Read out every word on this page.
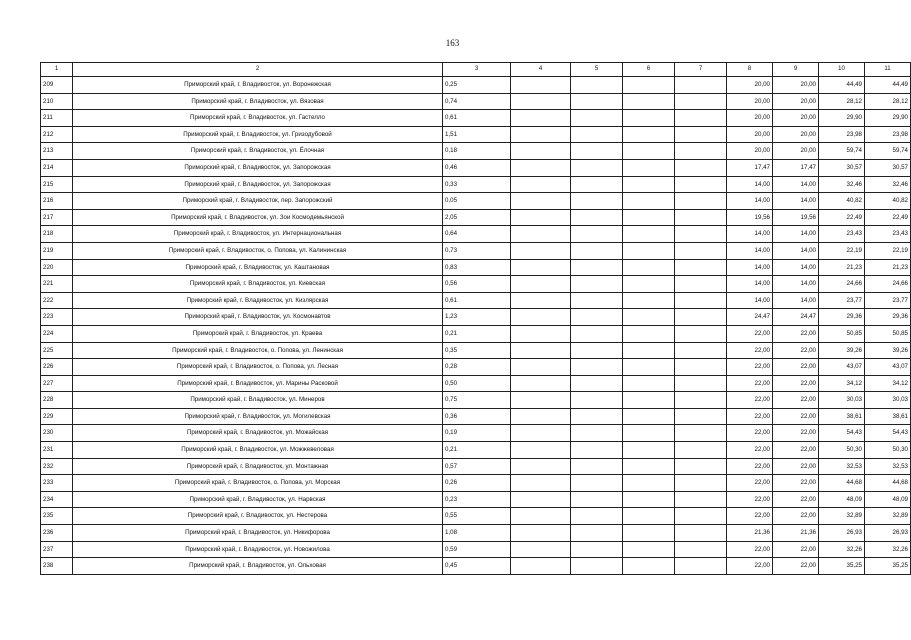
163
1	2	3	4	5	6	7	8	9	10	11
209	Приморский край, г. Владивосток, ул. Воронежская	0,25					20,00	20,00	44,49	44,49
210	Приморский край, г. Владивосток, ул. Вязовая	0,74					20,00	20,00	28,12	28,12
211	Приморский край, г. Владивосток, ул. Гастелло	0,61					20,00	20,00	29,90	29,90
212	Приморский край, г. Владивосток, ул. Гризодубовой	1,51					20,00	20,00	23,98	23,98
213	Приморский край, г. Владивосток, ул. Ёлочная	0,18					20,00	20,00	59,74	59,74
214	Приморский край, г. Владивосток, ул. Запорожская	0,46					17,47	17,47	30,57	30,57
215	Приморский край, г. Владивосток, ул. Запорожская	0,33					14,00	14,00	32,46	32,46
216	Приморский край, г. Владивосток, пер. Запорожский	0,05					14,00	14,00	40,82	40,82
217	Приморский край, г. Владивосток, ул. Зои Космодемьянской	2,05					19,56	19,56	22,49	22,49
218	Приморский край, г. Владивосток, ул. Интернациональная	0,64					14,00	14,00	23,43	23,43
219	Приморский край, г. Владивосток, о. Попова, ул. Калининская	0,73					14,00	14,00	22,19	22,19
220	Приморский край, г. Владивосток, ул. Каштановая	0,83					14,00	14,00	21,23	21,23
221	Приморский край, г. Владивосток, ул. Киевская	0,56					14,00	14,00	24,66	24,66
222	Приморский край, г. Владивосток, ул. Кизлярская	0,61					14,00	14,00	23,77	23,77
223	Приморский край, г. Владивосток, ул. Космонавтов	1,23					24,47	24,47	29,36	29,36
224	Приморский край, г. Владивосток, ул. Краева	0,21					22,00	22,00	50,85	50,85
225	Приморский край, г. Владивосток, о. Попова, ул. Ленинская	0,35					22,00	22,00	39,26	39,26
226	Приморский край, г. Владивосток, о. Попова, ул. Лесная	0,28					22,00	22,00	43,07	43,07
227	Приморский край, г. Владивосток, ул. Марины Расковой	0,50					22,00	22,00	34,12	34,12
228	Приморский край, г. Владивосток, ул. Минеров	0,75					22,00	22,00	30,03	30,03
229	Приморский край, г. Владивосток, ул. Могилевская	0,36					22,00	22,00	38,61	38,61
230	Приморский край, г. Владивосток, ул. Можайская	0,19					22,00	22,00	54,43	54,43
231	Приморский край, г. Владивосток, ул. Можжевеловая	0,21					22,00	22,00	50,30	50,30
232	Приморский край, г. Владивосток, ул. Монтажная	0,57					22,00	22,00	32,53	32,53
233	Приморский край, г. Владивосток, о. Попова, ул. Морская	0,26					22,00	22,00	44,68	44,68
234	Приморский край, г. Владивосток, ул. Нарвская	0,23					22,00	22,00	48,09	48,09
235	Приморский край, г. Владивосток, ул. Нестерова	0,55					22,00	22,00	32,89	32,89
236	Приморский край, г. Владивосток, ул. Никифорова	1,08					21,36	21,36	26,93	26,93
237	Приморский край, г. Владивосток, ул. Новожилова	0,59					22,00	22,00	32,26	32,26
238	Приморский край, г. Владивосток, ул. Ольховая	0,45					22,00	22,00	35,25	35,25
